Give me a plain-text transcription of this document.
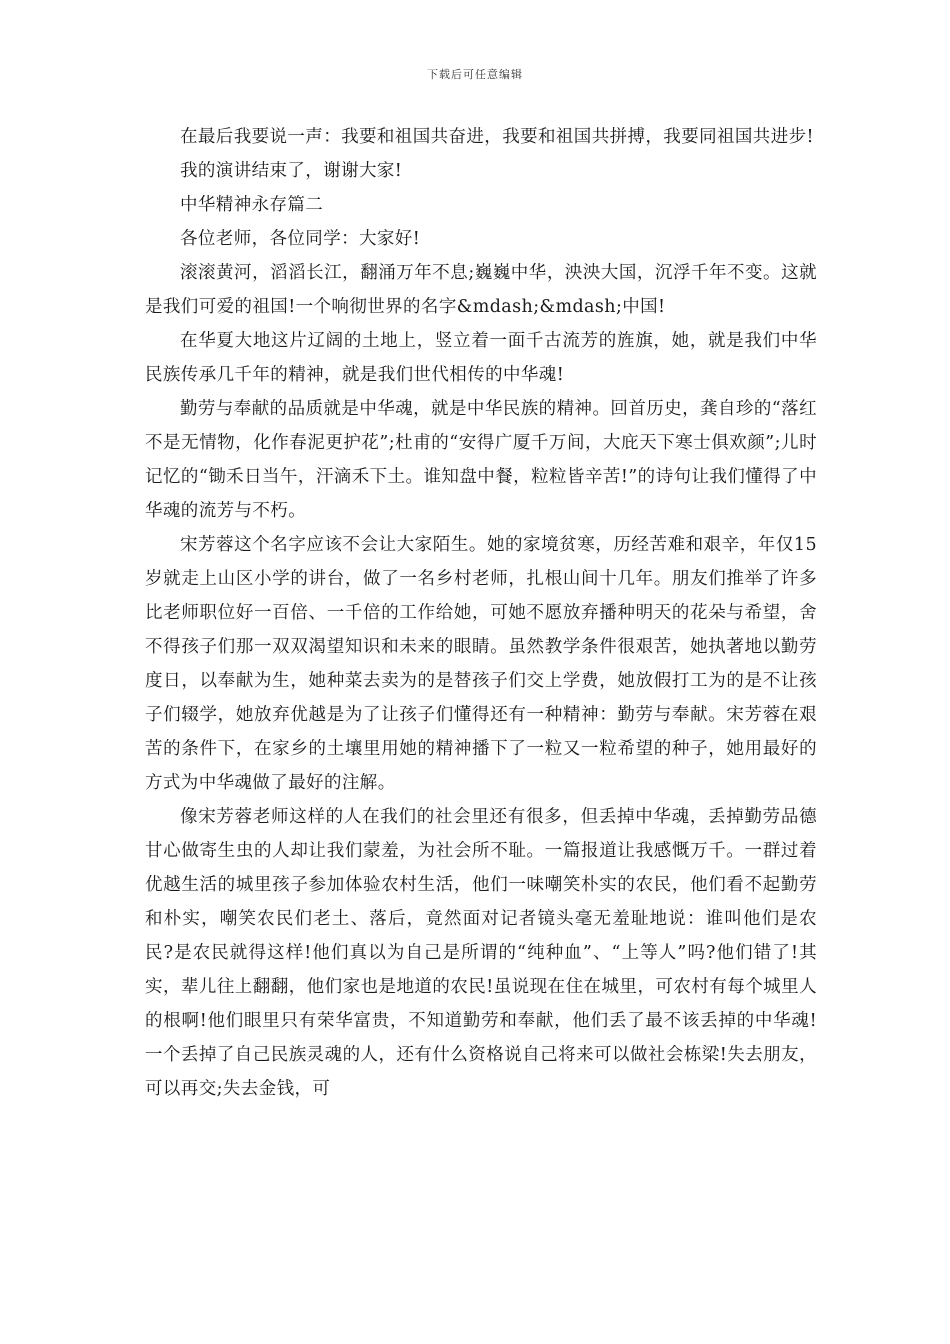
下载后可任意编辑

在最后我要说一声：我要和祖国共奋进，我要和祖国共拼搏，我要同祖国共进步!

我的演讲结束了，谢谢大家!

中华精神永存篇二

各位老师，各位同学：大家好!

滚滚黄河，滔滔长江，翻涌万年不息;巍巍中华，泱泱大国，沉浮千年不变。这就是我们可爱的祖国!一个响彻世界的名字&mdash;&mdash;中国!

在华夏大地这片辽阔的土地上，竖立着一面千古流芳的旌旗，她，就是我们中华民族传承几千年的精神，就是我们世代相传的中华魂!

勤劳与奉献的品质就是中华魂，就是中华民族的精神。回首历史，龚自珍的“落红不是无情物，化作春泥更护花”;杜甫的“安得广厦千万间，大庇天下寒士俱欢颜”;儿时记忆的“锄禾日当午，汗滴禾下土。谁知盘中餐，粒粒皆辛苦!”的诗句让我们懂得了中华魂的流芳与不朽。

宋芳蓉这个名字应该不会让大家陌生。她的家境贫寒，历经苦难和艰辛，年仅15岁就走上山区小学的讲台，做了一名乡村老师，扎根山间十几年。朋友们推举了许多比老师职位好一百倍、一千倍的工作给她，可她不愿放弃播种明天的花朵与希望，舍不得孩子们那一双双渴望知识和未来的眼睛。虽然教学条件很艰苦，她执著地以勤劳度日，以奉献为生，她种菜去卖为的是替孩子们交上学费，她放假打工为的是不让孩子们辍学，她放弃优越是为了让孩子们懂得还有一种精神：勤劳与奉献。宋芳蓉在艰苦的条件下，在家乡的土壤里用她的精神播下了一粒又一粒希望的种子，她用最好的方式为中华魂做了最好的注解。

像宋芳蓉老师这样的人在我们的社会里还有很多，但丢掉中华魂，丢掉勤劳品德甘心做寄生虫的人却让我们蒙羞，为社会所不耻。一篇报道让我感慨万千。一群过着优越生活的城里孩子参加体验农村生活，他们一味嘲笑朴实的农民，他们看不起勤劳和朴实，嘲笑农民们老土、落后，竟然面对记者镜头毫无羞耻地说：谁叫他们是农民?是农民就得这样!他们真以为自己是所谓的“纯种血”、“上等人”吗?他们错了!其实，辈儿往上翻翻，他们家也是地道的农民!虽说现在住在城里，可农村有每个城里人的根啊!他们眼里只有荣华富贵，不知道勤劳和奉献，他们丢了最不该丢掉的中华魂!一个丢掉了自己民族灵魂的人，还有什么资格说自己将来可以做社会栋梁!失去朋友，可以再交;失去金钱，可
